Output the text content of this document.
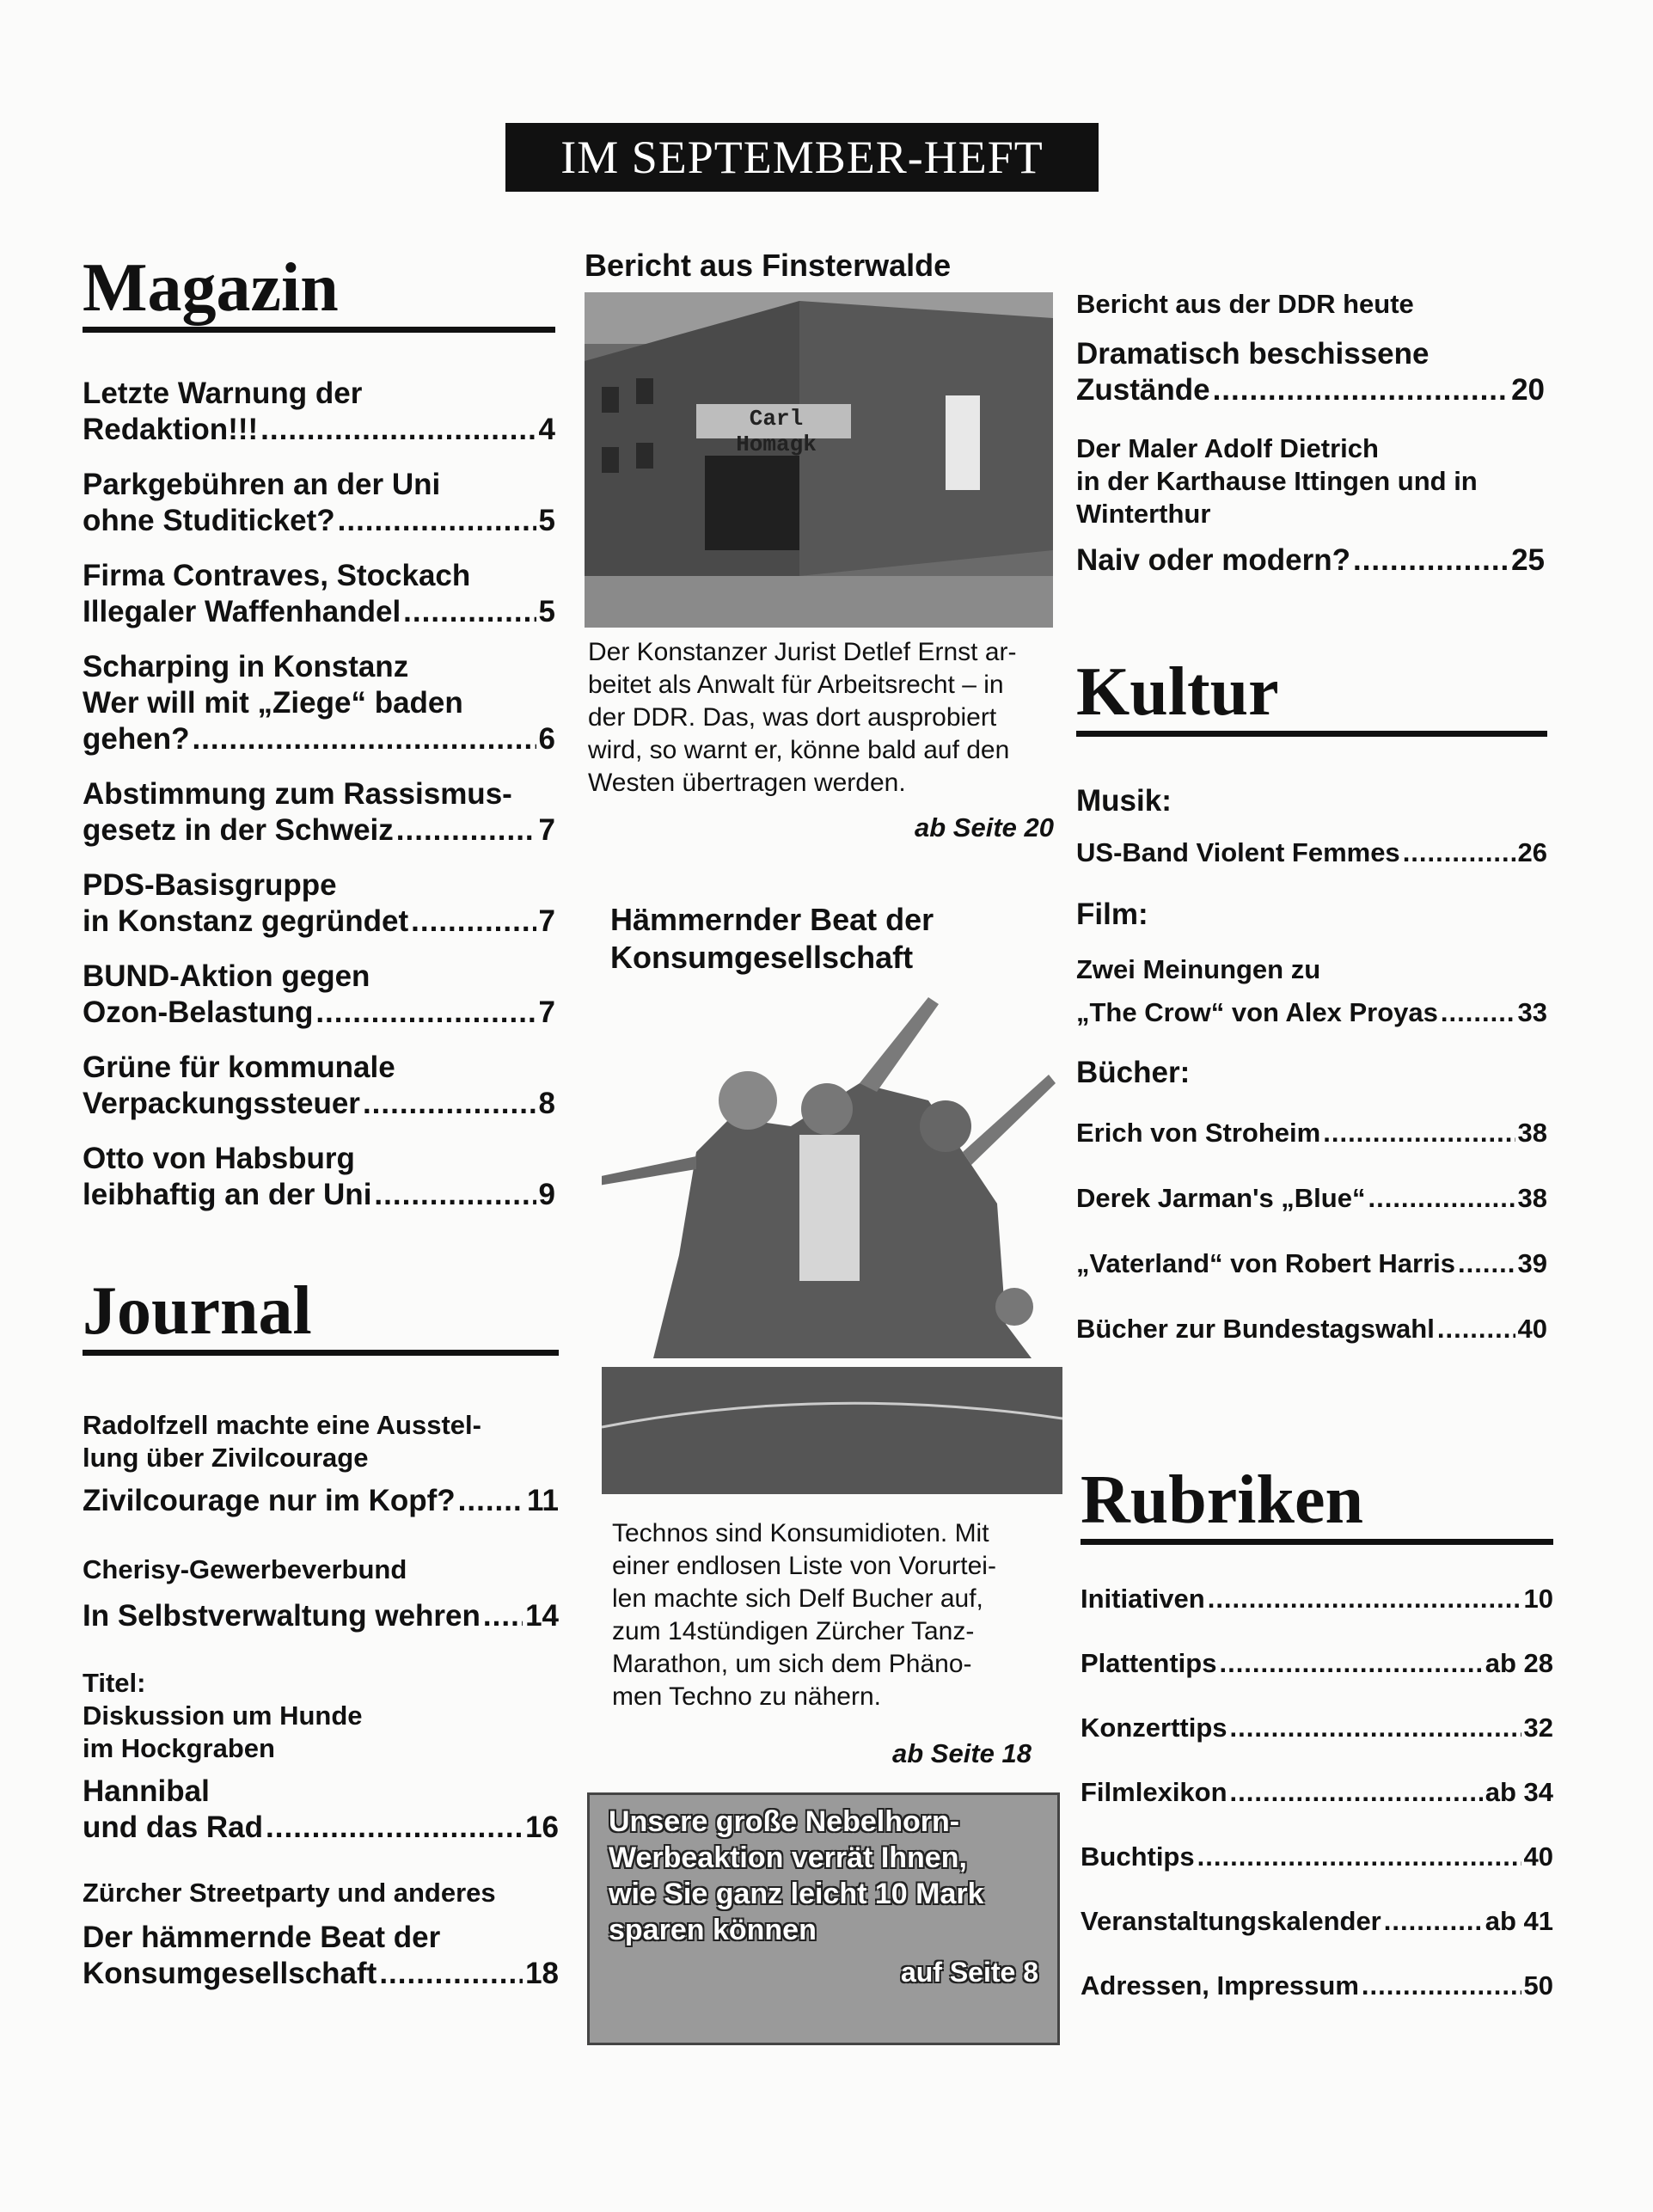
IM SEPTEMBER-HEFT
Magazin
Letzte Warnung der
Redaktion!!! .....	4
Parkgebühren an der Uni
ohne Studiticket? .....	5
Firma Contraves, Stockach
Illegaler Waffenhandel .....	5
Scharping in Konstanz
Wer will mit „Ziege“ baden
gehen? .....	6
Abstimmung zum Rassismus-
gesetz in der Schweiz .....	7
PDS-Basisgruppe
in Konstanz gegründet .....	7
BUND-Aktion gegen
Ozon-Belastung .....	7
Grüne für kommunale
Verpackungssteuer .....	8
Otto von Habsburg
leibhaftig an der Uni .....	9
Journal
Radolfzell machte eine Ausstel-
lung über Zivilcourage
Zivilcourage nur im Kopf? ..... 11
Cherisy-Gewerbeverbund
In Selbstverwaltung wehren ..... 14
Titel:
Diskussion um Hunde
im Hockgraben
Hannibal
und das Rad .....	16
Zürcher Streetparty und anderes
Der hämmernde Beat der
Konsumgesellschaft .....	18
Bericht aus Finsterwalde
Carl Homagk
Der Konstanzer Jurist Detlef Ernst ar-
beitet als Anwalt für Arbeitsrecht – in
der DDR. Das, was dort ausprobiert
wird, so warnt er, könne bald auf den
Westen übertragen werden.
ab Seite 20
Hämmernder Beat der
Konsumgesellschaft
Technos sind Konsumidioten. Mit
einer endlosen Liste von Vorurtei-
len machte sich Delf Bucher auf,
zum 14stündigen Zürcher Tanz-
Marathon, um sich dem Phäno-
men Techno zu nähern.
ab Seite 18
Unsere große Nebelhorn-
Werbeaktion verrät Ihnen,
wie Sie ganz leicht 10 Mark
sparen können
auf Seite 8
Bericht aus der DDR heute
Dramatisch beschissene
Zustände .....	20
Der Maler Adolf Dietrich
in der Karthause Ittingen und in
Winterthur
Naiv oder modern? .....	25
Kultur
Musik:
US-Band Violent Femmes .....	26
Film:
Zwei Meinungen zu
„The Crow“ von Alex Proyas .....	33
Bücher:
Erich von Stroheim .....	38
Derek Jarman's „Blue“ .....	38
„Vaterland“ von Robert Harris ..... 39
Bücher zur Bundestagswahl .....	40
Rubriken
Initiativen .....	10
Plattentips .....	ab 28
Konzerttips .....	32
Filmlexikon .....	ab 34
Buchtips .....	40
Veranstaltungskalender .....	ab 41
Adressen, Impressum .....	50
